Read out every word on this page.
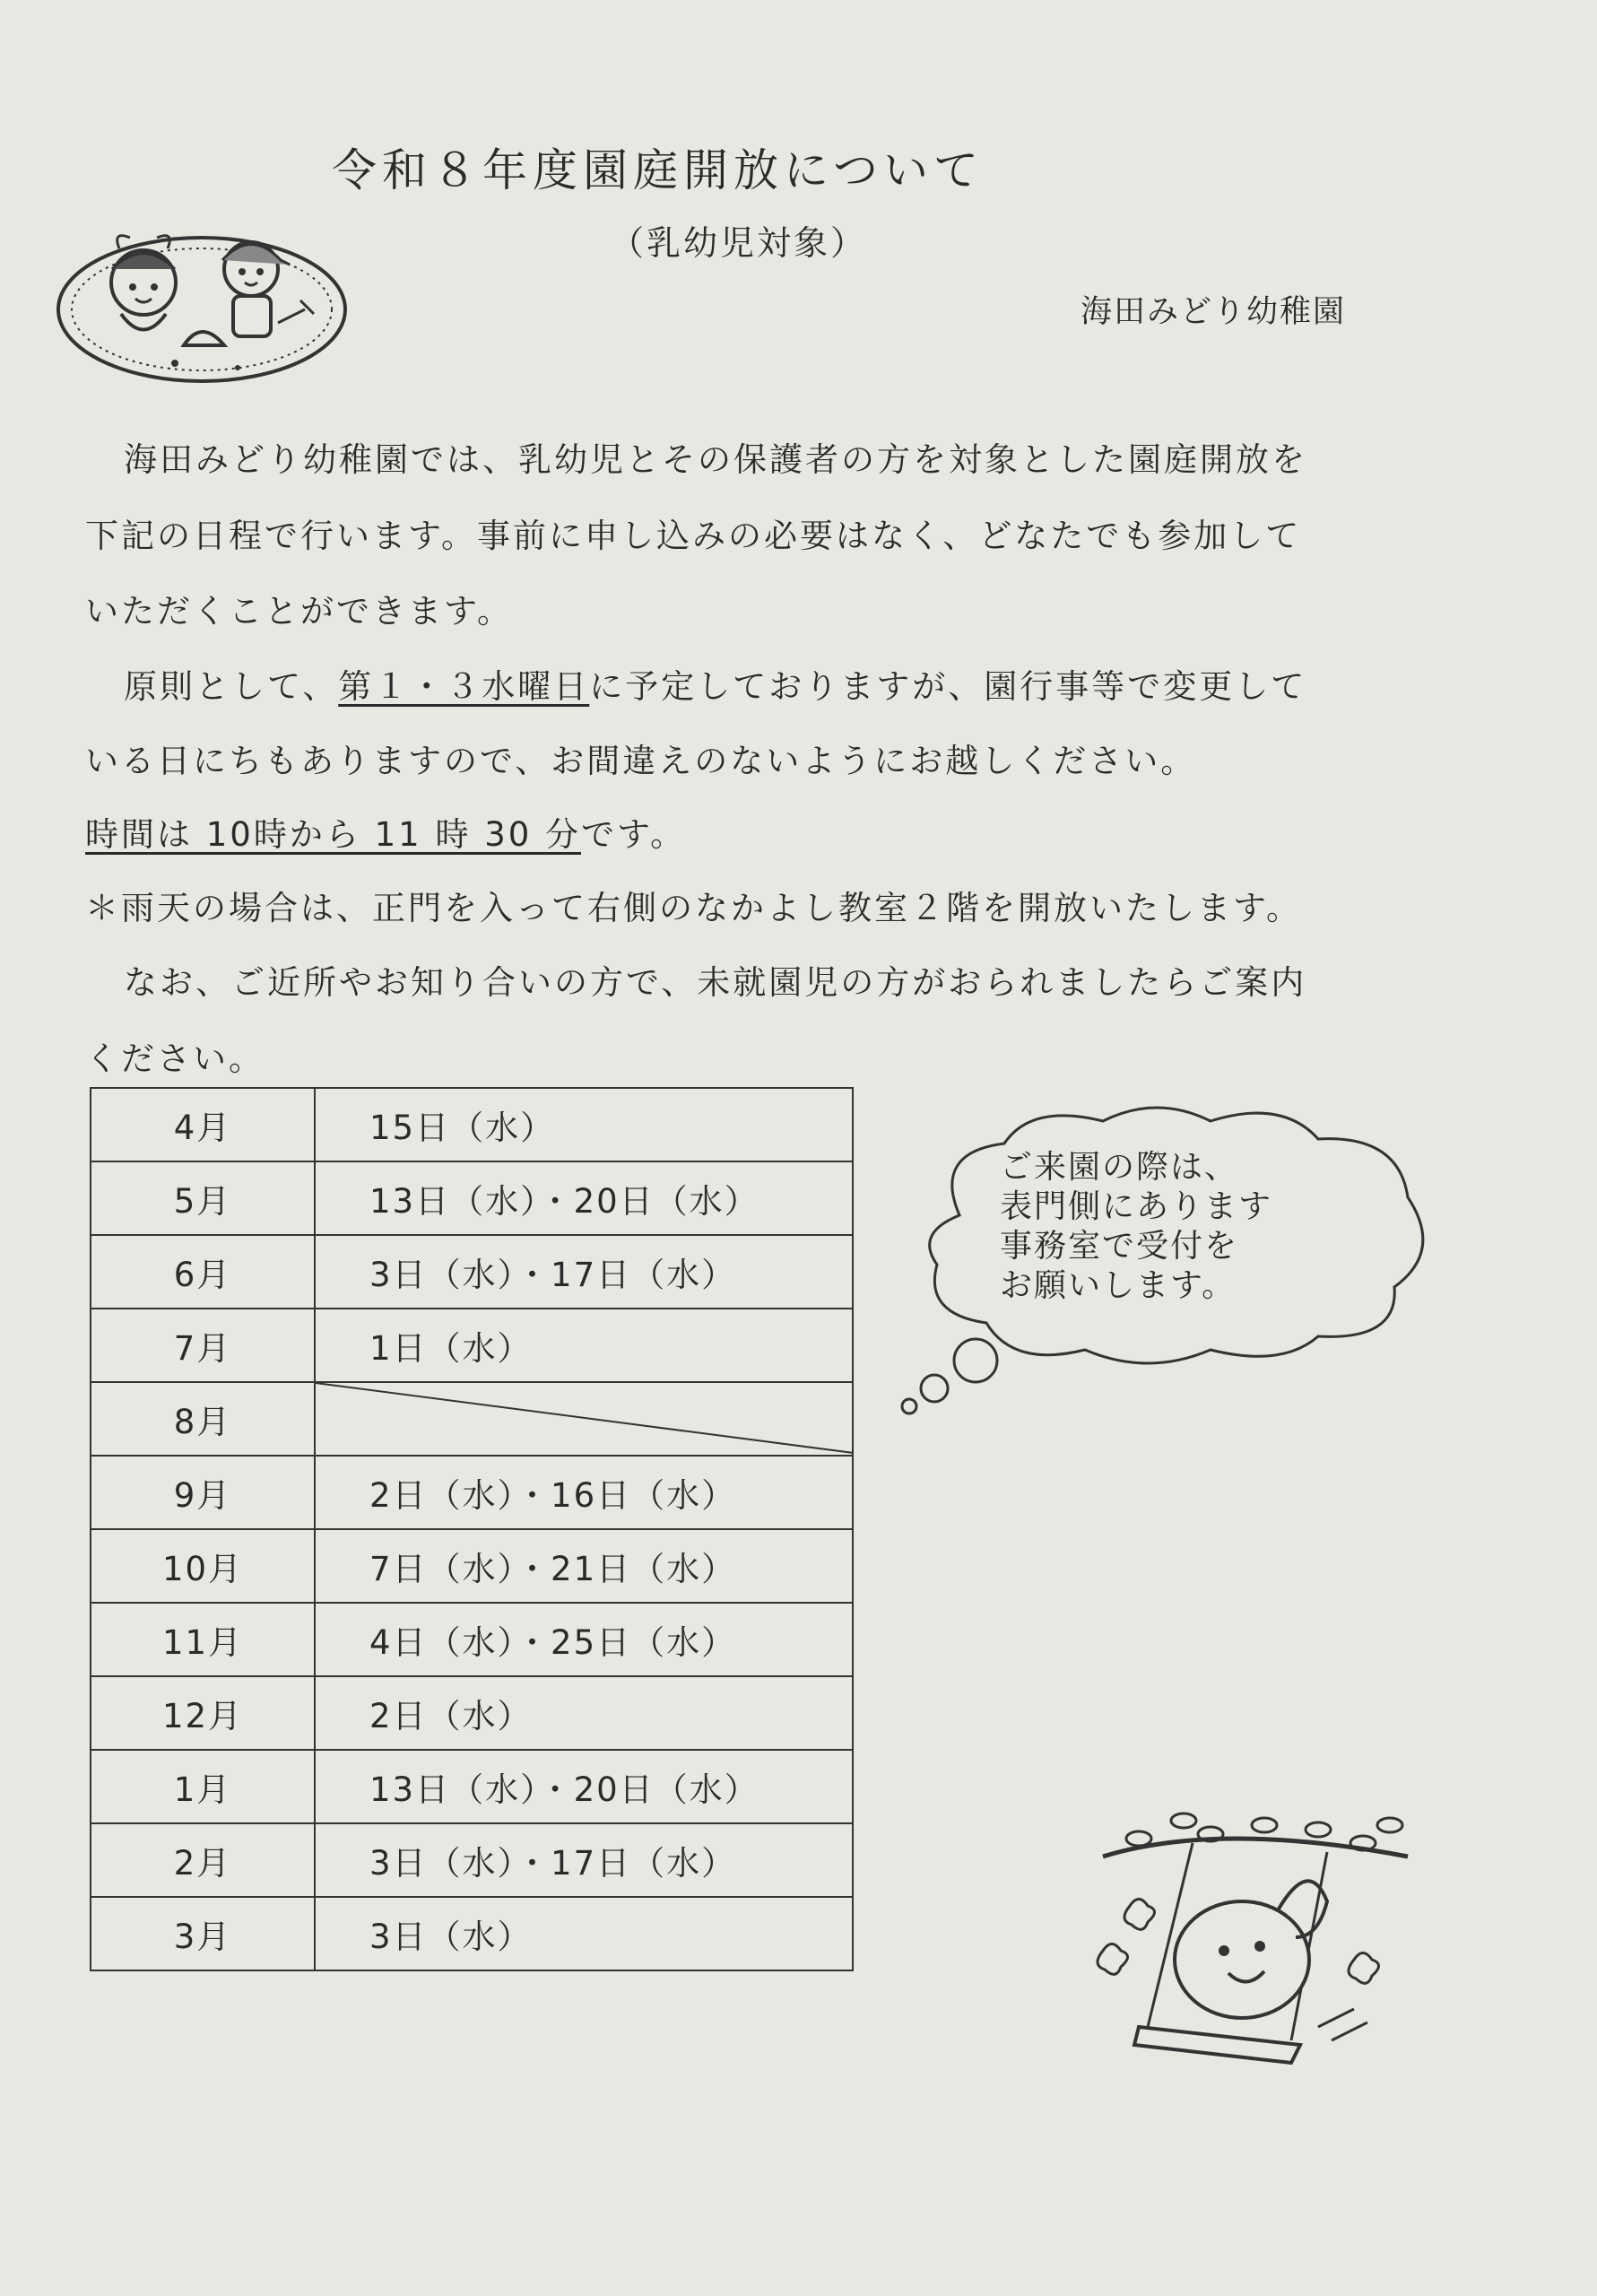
令和８年度園庭開放について
（乳幼児対象）
海田みどり幼稚園
海田みどり幼稚園では、乳幼児とその保護者の方を対象とした園庭開放を
下記の日程で行います。事前に申し込みの必要はなく、どなたでも参加して
いただくことができます。
原則として、第１・３水曜日に予定しておりますが、園行事等で変更して
いる日にちもありますので、お間違えのないようにお越しください。
時間は 10時から 11 時 30 分です。
＊雨天の場合は、正門を入って右側のなかよし教室２階を開放いたします。
なお、ご近所やお知り合いの方で、未就園児の方がおられましたらご案内
ください。
4月	15日（水）
5月	13日（水）・20日（水）
6月	3日（水）・17日（水）
7月	1日（水）
8月	

9月	2日（水）・16日（水）
10月	7日（水）・21日（水）
11月	4日（水）・25日（水）
12月	2日（水）
1月	13日（水）・20日（水）
2月	3日（水）・17日（水）
3月	3日（水）
ご来園の際は、
表門側にあります
事務室で受付を
お願いします。
